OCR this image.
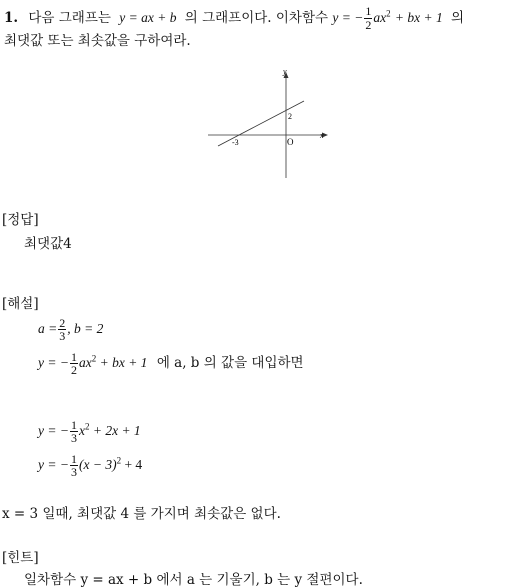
1. 다음 그래프는 y = ax + b 의 그래프이다. 이차함수 y = − $\frac{1}{2} ax^2$ + bx + 1 의
최댓값 또는 최솟값을 구하여라.
y
x
O
-3
2
[정답]
최댓값4
[해설]
$a = \frac{2}{3}$ , b = 2
y = − $\frac{1}{2} ax^2$ + bx + 1 에 a, b 의 값을 대입하면
y = − $\frac{1}{3} x^2 + 2x + 1$
y = − $\frac{1}{3} (x - 3)^2 + 4$
x = 3 일때, 최댓값 4 를 가지며 최솟값은 없다.
[힌트]
일차함수 y = ax + b 에서 a 는 기울기, b 는 y 절편이다.
